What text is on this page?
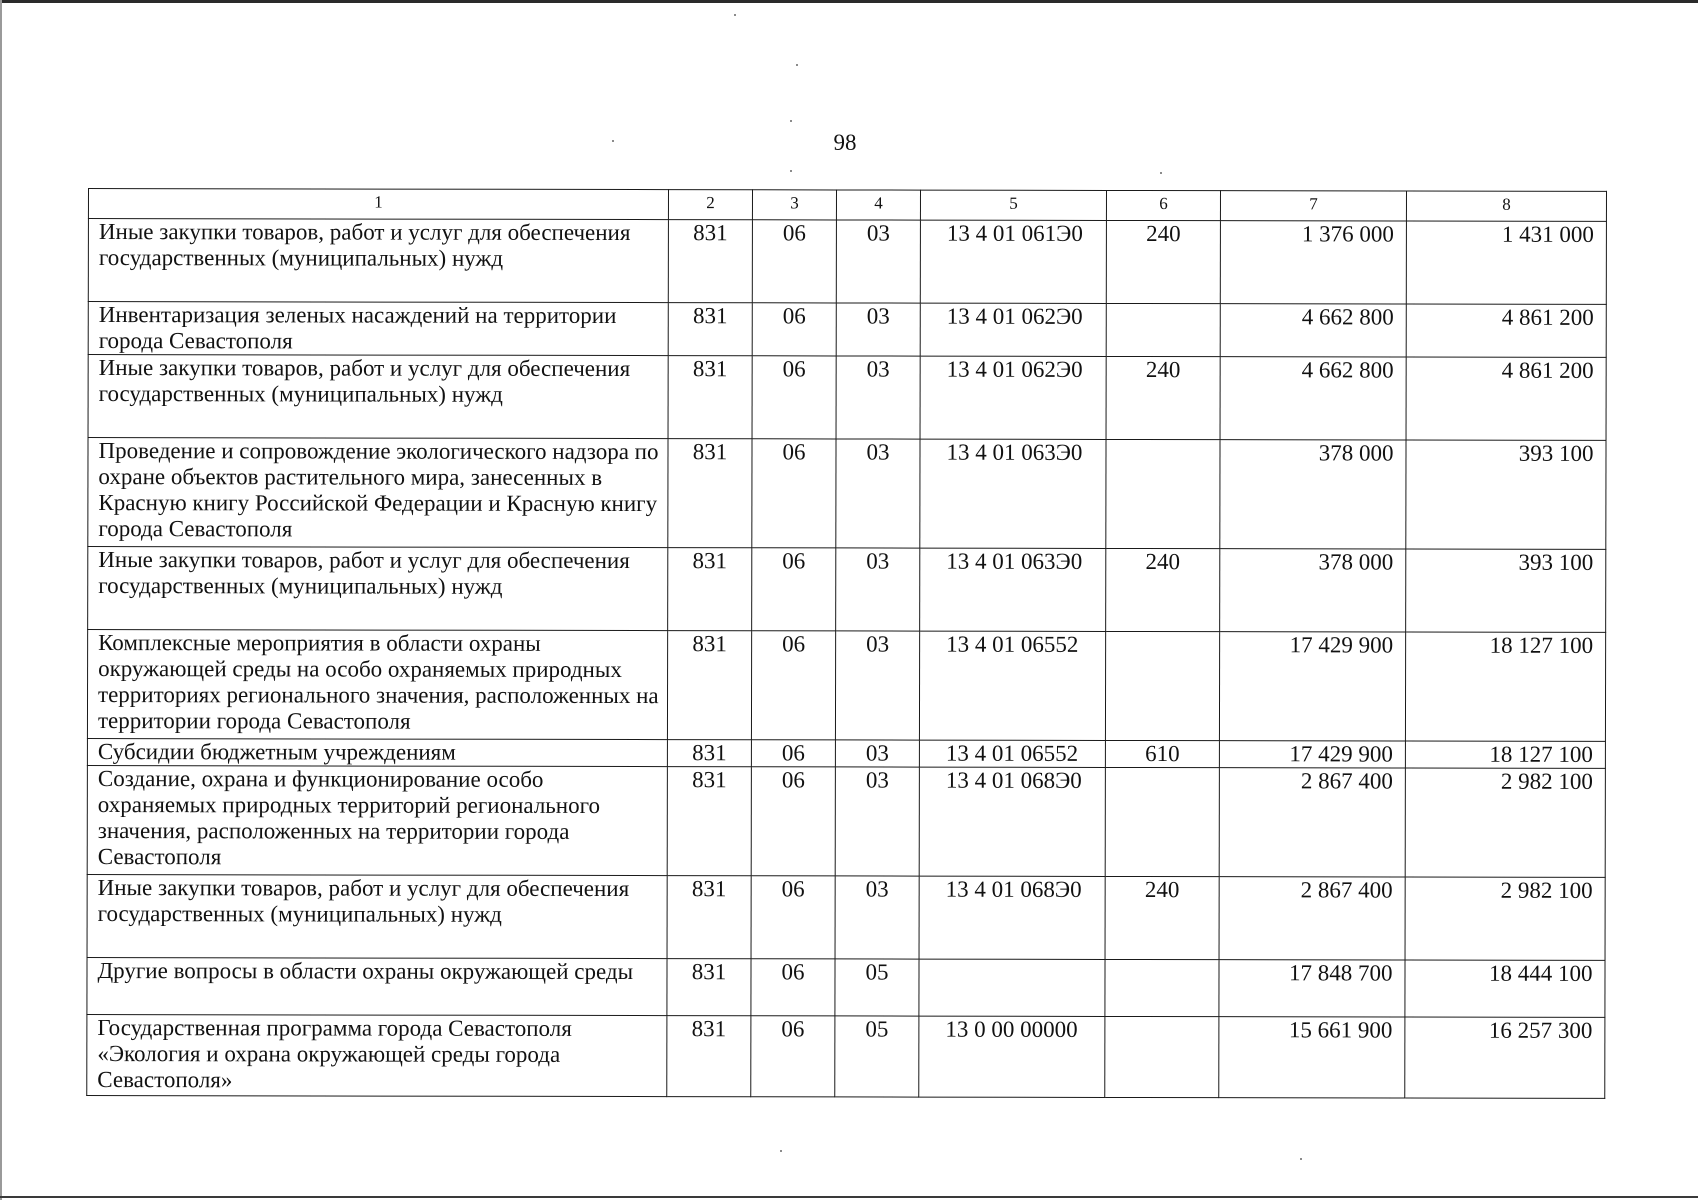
98
1	2	3	4	5	6	7	8
Иные закупки товаров, работ и услуг для обеспечения государственных (муниципальных) нужд	831	06	03	13 4 01 061Э0	240	1 376 000	1 431 000
Инвентаризация зеленых насаждений на территории города Севастополя	831	06	03	13 4 01 062Э0		4 662 800	4 861 200
Иные закупки товаров, работ и услуг для обеспечения государственных (муниципальных) нужд	831	06	03	13 4 01 062Э0	240	4 662 800	4 861 200
Проведение и сопровождение экологического надзора по охране объектов растительного мира, занесенных в Красную книгу Российской Федерации и Красную книгу города Севастополя	831	06	03	13 4 01 063Э0		378 000	393 100
Иные закупки товаров, работ и услуг для обеспечения государственных (муниципальных) нужд	831	06	03	13 4 01 063Э0	240	378 000	393 100
Комплексные мероприятия в области охраны окружающей среды на особо охраняемых природных территориях регионального значения, расположенных на территории города Севастополя	831	06	03	13 4 01 06552		17 429 900	18 127 100
Субсидии бюджетным учреждениям	831	06	03	13 4 01 06552	610	17 429 900	18 127 100
Создание, охрана и функционирование особо охраняемых природных территорий регионального значения, расположенных на территории города Севастополя	831	06	03	13 4 01 068Э0		2 867 400	2 982 100
Иные закупки товаров, работ и услуг для обеспечения государственных (муниципальных) нужд	831	06	03	13 4 01 068Э0	240	2 867 400	2 982 100
Другие вопросы в области охраны окружающей среды	831	06	05			17 848 700	18 444 100
Государственная программа города Севастополя «Экология и охрана окружающей среды города Севастополя»	831	06	05	13 0 00 00000		15 661 900	16 257 300
